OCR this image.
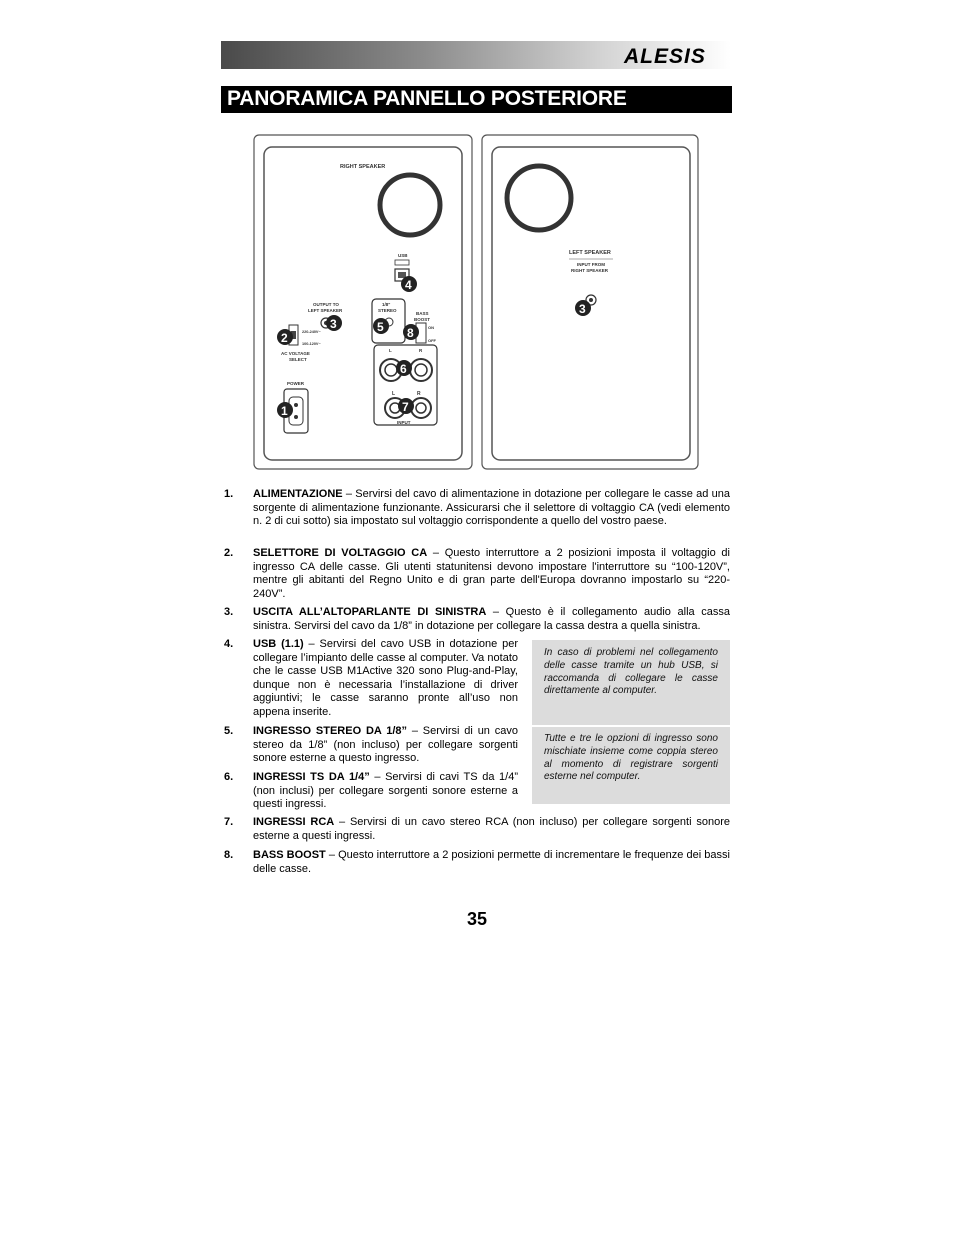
ALESIS
PANORAMICA PANNELLO POSTERIORE
RIGHT SPEAKER
USB
OUTPUT TO
LEFT SPEAKER
220-240V~
100-120V~
AC VOLTAGE
SELECT
POWER
1/8"
STEREO
BASS
BOOST
ON
OFF
L	R
L	R
INPUT
1
2
3
4
5 8
6
7
LEFT SPEAKER
INPUT FROM
RIGHT SPEAKER
3
1. ALIMENTAZIONE – Servirsi del cavo di alimentazione in dotazione per collegare le casse ad una sorgente di alimentazione funzionante. Assicurarsi che il selettore di voltaggio CA (vedi elemento n. 2 di cui sotto) sia impostato sul voltaggio corrispondente a quello del vostro paese.
2. SELETTORE DI VOLTAGGIO CA – Questo interruttore a 2 posizioni imposta il voltaggio di ingresso CA delle casse. Gli utenti statunitensi devono impostare l'interruttore su “100-120V”, mentre gli abitanti del Regno Unito e di gran parte dell'Europa dovranno impostarlo su “220-240V”.
3. USCITA ALL’ALTOPARLANTE DI SINISTRA – Questo è il collegamento audio alla cassa sinistra. Servirsi del cavo da 1/8” in dotazione per collegare la cassa destra a quella sinistra.
4. USB (1.1) – Servirsi del cavo USB in dotazione per collegare l’impianto delle casse al computer. Va notato che le casse USB M1Active 320 sono Plug-and-Play, dunque non è necessaria l’installazione di driver aggiuntivi; le casse saranno pronte all’uso non appena inserite.
5. INGRESSO STEREO DA 1/8” – Servirsi di un cavo stereo da 1/8” (non incluso) per collegare sorgenti sonore esterne a questo ingresso.
6. INGRESSI TS DA 1/4” – Servirsi di cavi TS da 1/4” (non inclusi) per collegare sorgenti sonore esterne a questi ingressi.
7. INGRESSI RCA – Servirsi di un cavo stereo RCA (non incluso) per collegare sorgenti sonore esterne a questi ingressi.
8. BASS BOOST – Questo interruttore a 2 posizioni permette di incrementare le frequenze dei bassi delle casse.
In caso di problemi nel collegamento delle casse tramite un hub USB, si raccomanda di collegare le casse direttamente al computer.
Tutte e tre le opzioni di ingresso sono mischiate insieme come coppia stereo al momento di registrare sorgenti esterne nel computer.
35
